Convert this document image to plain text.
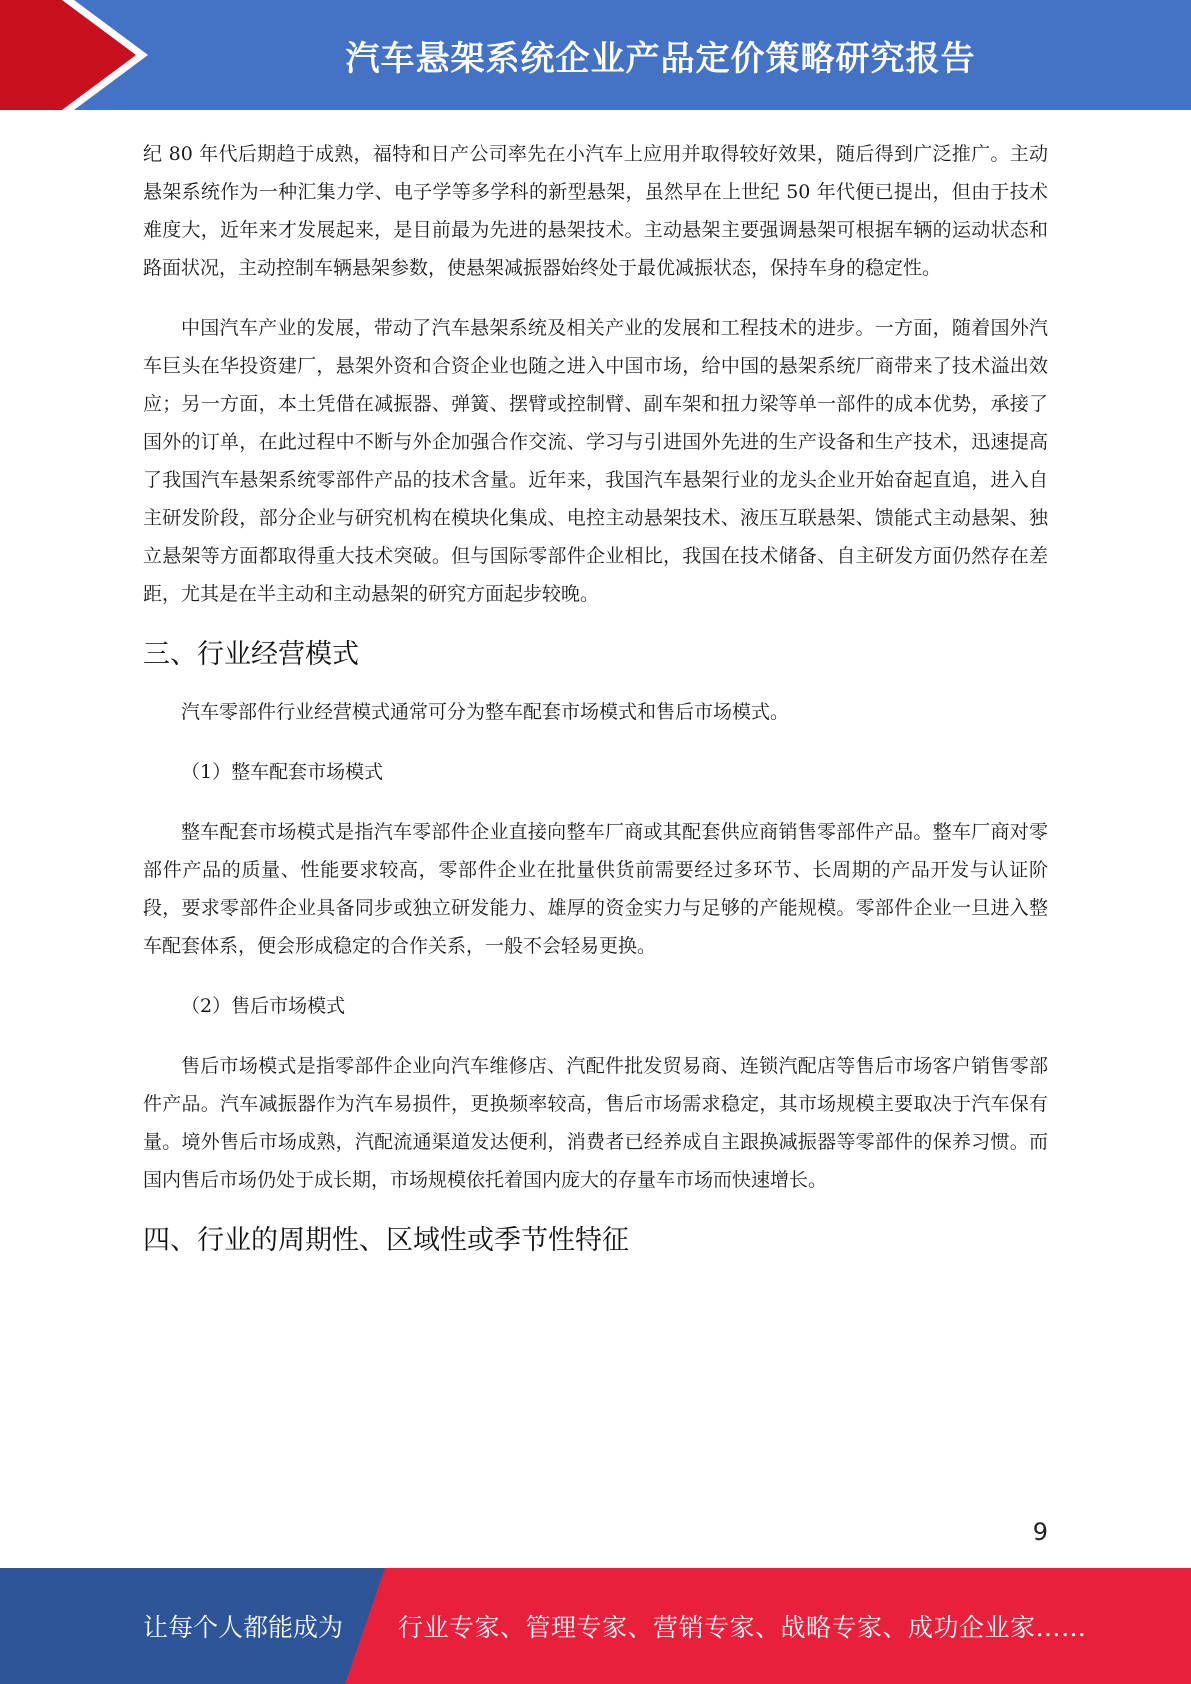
汽车悬架系统企业产品定价策略研究报告

纪 80 年代后期趋于成熟，福特和日产公司率先在小汽车上应用并取得较好效果，随后得到广泛推广。主动悬架系统作为一种汇集力学、电子学等多学科的新型悬架，虽然早在上世纪 50 年代便已提出，但由于技术难度大，近年来才发展起来，是目前最为先进的悬架技术。主动悬架主要强调悬架可根据车辆的运动状态和路面状况，主动控制车辆悬架参数，使悬架减振器始终处于最优减振状态，保持车身的稳定性。

中国汽车产业的发展，带动了汽车悬架系统及相关产业的发展和工程技术的进步。一方面，随着国外汽车巨头在华投资建厂，悬架外资和合资企业也随之进入中国市场，给中国的悬架系统厂商带来了技术溢出效应；另一方面，本土凭借在减振器、弹簧、摆臂或控制臂、副车架和扭力梁等单一部件的成本优势，承接了国外的订单，在此过程中不断与外企加强合作交流、学习与引进国外先进的生产设备和生产技术，迅速提高了我国汽车悬架系统零部件产品的技术含量。近年来，我国汽车悬架行业的龙头企业开始奋起直追，进入自主研发阶段，部分企业与研究机构在模块化集成、电控主动悬架技术、液压互联悬架、馈能式主动悬架、独立悬架等方面都取得重大技术突破。但与国际零部件企业相比，我国在技术储备、自主研发方面仍然存在差距，尤其是在半主动和主动悬架的研究方面起步较晚。

三、行业经营模式

汽车零部件行业经营模式通常可分为整车配套市场模式和售后市场模式。

（1）整车配套市场模式

整车配套市场模式是指汽车零部件企业直接向整车厂商或其配套供应商销售零部件产品。整车厂商对零部件产品的质量、性能要求较高，零部件企业在批量供货前需要经过多环节、长周期的产品开发与认证阶段，要求零部件企业具备同步或独立研发能力、雄厚的资金实力与足够的产能规模。零部件企业一旦进入整车配套体系，便会形成稳定的合作关系，一般不会轻易更换。

（2）售后市场模式

售后市场模式是指零部件企业向汽车维修店、汽配件批发贸易商、连锁汽配店等售后市场客户销售零部件产品。汽车减振器作为汽车易损件，更换频率较高，售后市场需求稳定，其市场规模主要取决于汽车保有量。境外售后市场成熟，汽配流通渠道发达便利，消费者已经养成自主跟换减振器等零部件的保养习惯。而国内售后市场仍处于成长期，市场规模依托着国内庞大的存量车市场而快速增长。

四、行业的周期性、区域性或季节性特征
9
让每个人都能成为 行业专家、管理专家、营销专家、战略专家、成功企业家……
